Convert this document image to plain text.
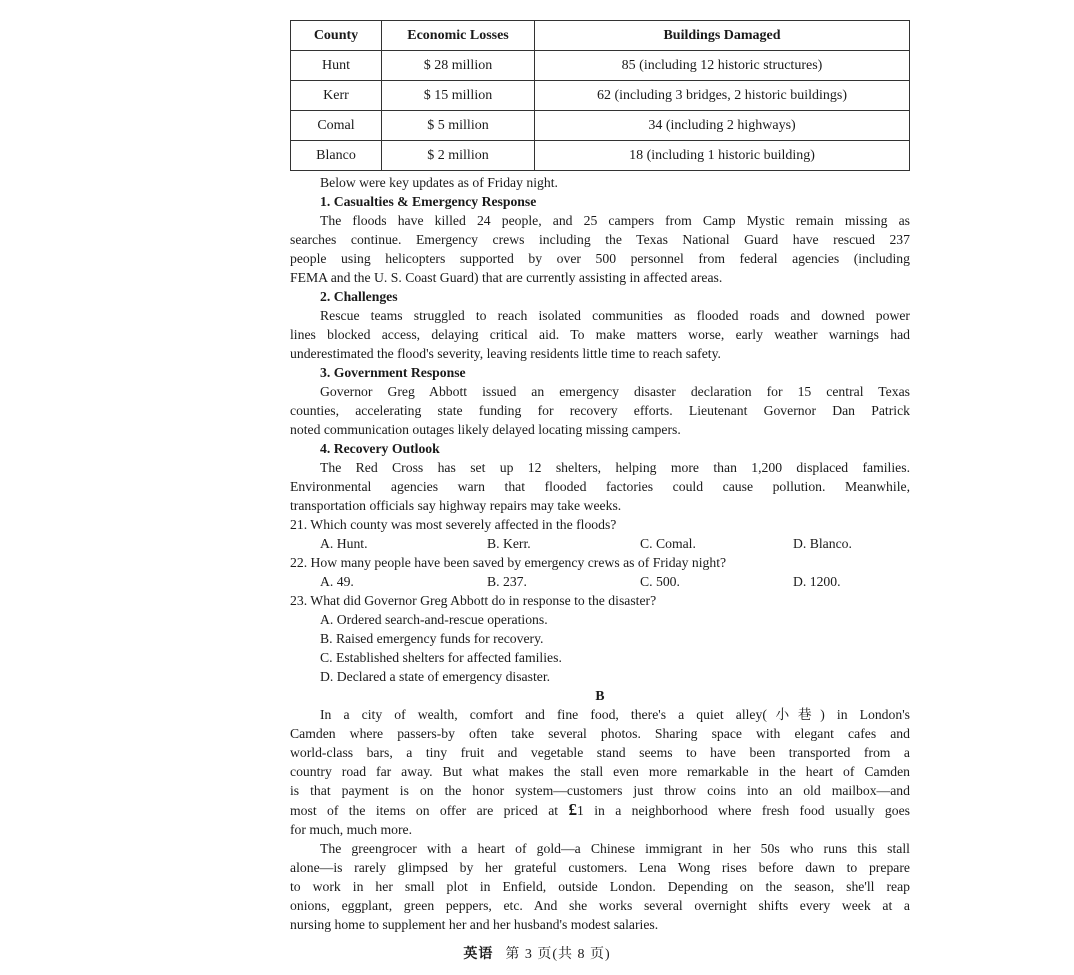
County	Economic Losses	Buildings Damaged
Hunt	$ 28 million	85 (including 12 historic structures)
Kerr	$ 15 million	62 (including 3 bridges, 2 historic buildings)
Comal	$ 5 million	34 (including 2 highways)
Blanco	$ 2 million	18 (including 1 historic building)
Below were key updates as of Friday night.
1. Casualties & Emergency Response
The floods have killed 24 people, and 25 campers from Camp Mystic remain missing as
searches continue. Emergency crews including the Texas National Guard have rescued 237
people using helicopters supported by over 500 personnel from federal agencies (including
FEMA and the U. S. Coast Guard) that are currently assisting in affected areas.
2. Challenges
Rescue teams struggled to reach isolated communities as flooded roads and downed power
lines blocked access, delaying critical aid. To make matters worse, early weather warnings had
underestimated the flood's severity, leaving residents little time to reach safety.
3. Government Response
Governor Greg Abbott issued an emergency disaster declaration for 15 central Texas
counties, accelerating state funding for recovery efforts. Lieutenant Governor Dan Patrick
noted communication outages likely delayed locating missing campers.
4. Recovery Outlook
The Red Cross has set up 12 shelters, helping more than 1,200 displaced families.
Environmental agencies warn that flooded factories could cause pollution. Meanwhile,
transportation officials say highway repairs may take weeks.
21. Which county was most severely affected in the floods?
A. Hunt.	B. Kerr.	C. Comal.	D. Blanco.
22. How many people have been saved by emergency crews as of Friday night?
A. 49.	B. 237.	C. 500.	D. 1200.
23. What did Governor Greg Abbott do in response to the disaster?
A. Ordered search-and-rescue operations.
B. Raised emergency funds for recovery.
C. Established shelters for affected families.
D. Declared a state of emergency disaster.
B
In a city of wealth, comfort and fine food, there's a quiet alley(小巷) in London's
Camden where passers-by often take several photos. Sharing space with elegant cafes and
world-class bars, a tiny fruit and vegetable stand seems to have been transported from a
country road far away. But what makes the stall even more remarkable in the heart of Camden
is that payment is on the honor system—customers just throw coins into an old mailbox—and
most of the items on offer are priced at £1 in a neighborhood where fresh food usually goes
for much, much more.
The greengrocer with a heart of gold—a Chinese immigrant in her 50s who runs this stall
alone—is rarely glimpsed by her grateful customers. Lena Wong rises before dawn to prepare
to work in her small plot in Enfield, outside London. Depending on the season, she'll reap
onions, eggplant, green peppers, etc. And she works several overnight shifts every week at a
nursing home to supplement her and her husband's modest salaries.
英语 第 3 页(共 8 页)
